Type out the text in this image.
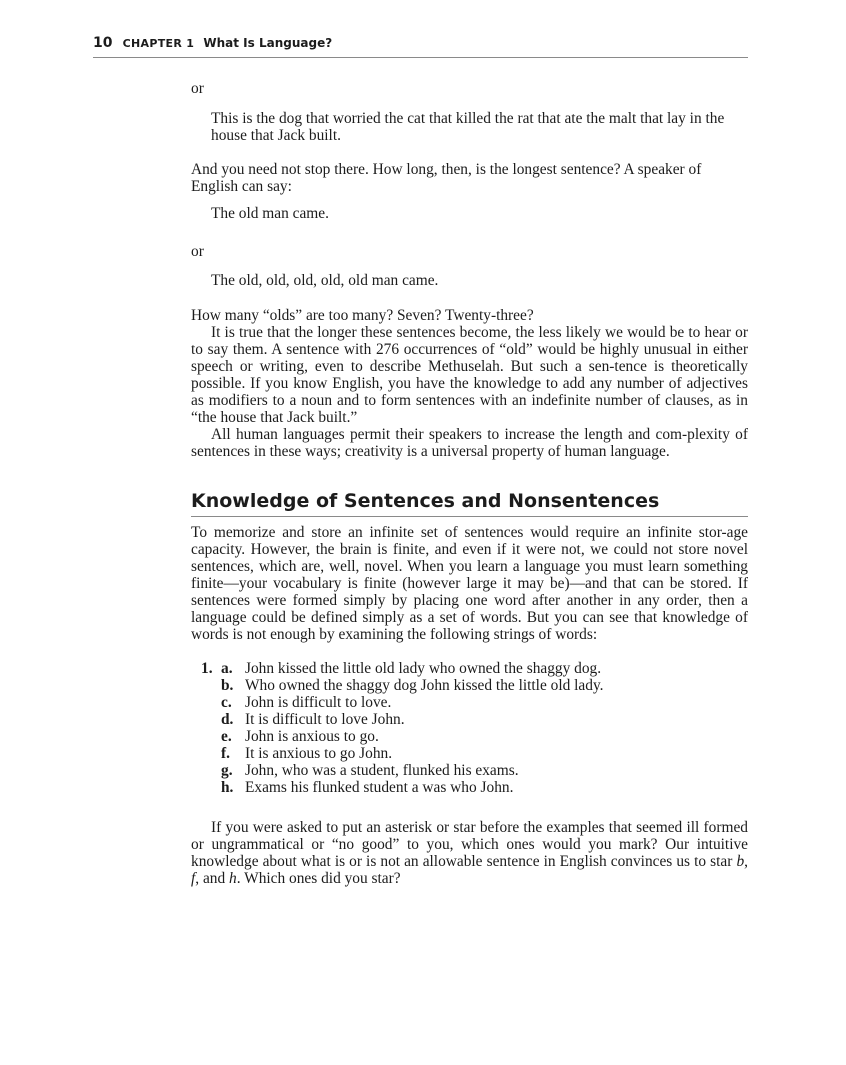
10 CHAPTER 1 What Is Language?

or

This is the dog that worried the cat that killed the rat that ate the malt that lay in the house that Jack built.

And you need not stop there. How long, then, is the longest sentence? A speaker of English can say:

The old man came.

or

The old, old, old, old, old man came.

How many “olds” are too many? Seven? Twenty-three?

It is true that the longer these sentences become, the less likely we would be to hear or to say them. A sentence with 276 occurrences of “old” would be highly unusual in either speech or writing, even to describe Methuselah. But such a sen-tence is theoretically possible. If you know English, you have the knowledge to add any number of adjectives as modifiers to a noun and to form sentences with an indefinite number of clauses, as in “the house that Jack built.”

All human languages permit their speakers to increase the length and com-plexity of sentences in these ways; creativity is a universal property of human language.

Knowledge of Sentences and Nonsentences

To memorize and store an infinite set of sentences would require an infinite stor-age capacity. However, the brain is finite, and even if it were not, we could not store novel sentences, which are, well, novel. When you learn a language you must learn something finite—your vocabulary is finite (however large it may be)—and that can be stored. If sentences were formed simply by placing one word after another in any order, then a language could be defined simply as a set of words. But you can see that knowledge of words is not enough by examining the following strings of words:

1. a. John kissed the little old lady who owned the shaggy dog.
b. Who owned the shaggy dog John kissed the little old lady.
c. John is difficult to love.
d. It is difficult to love John.
e. John is anxious to go.
f. It is anxious to go John.
g. John, who was a student, flunked his exams.
h. Exams his flunked student a was who John.

If you were asked to put an asterisk or star before the examples that seemed ill formed or ungrammatical or “no good” to you, which ones would you mark? Our intuitive knowledge about what is or is not an allowable sentence in English convinces us to star b, f, and h. Which ones did you star?
